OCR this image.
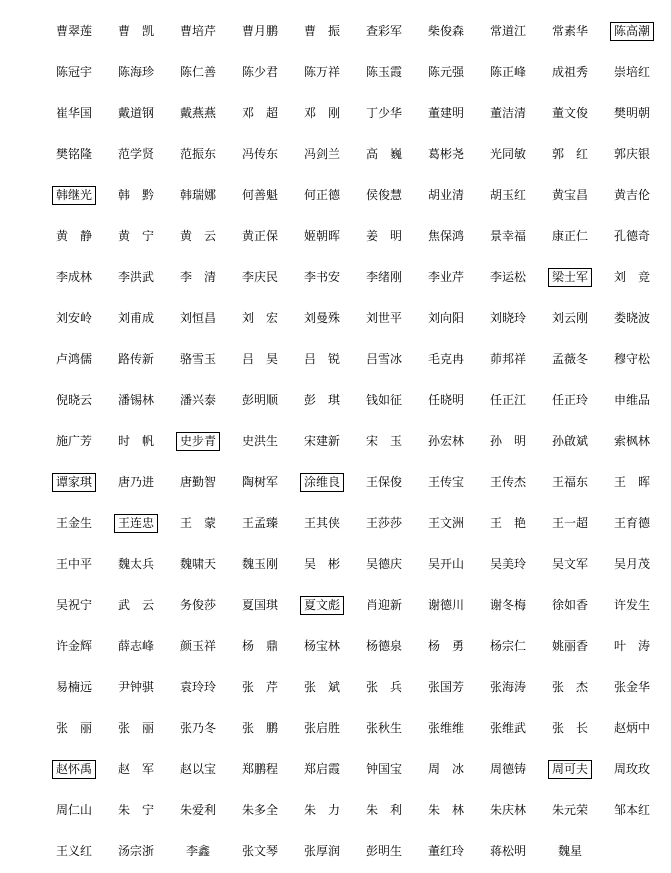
曹翠莲	曹　凯	曹培芹	曹月鹏	曹　振	查彩军	柴俊森	常道江	常素华	陈高潮
陈冠宇	陈海珍	陈仁善	陈少君	陈万祥	陈玉霞	陈元强	陈正峰	成祖秀	崇培红
崔华国	戴道钢	戴燕燕	邓　超	邓　刚	丁少华	董建明	董洁清	董文俊	樊明朝
樊铭隆	范学贤	范振东	冯传东	冯剑兰	高　巍	葛彬尧	光同敏	郭　红	郭庆银
韩继光	韩　黔	韩瑞娜	何善魁	何正德	侯俊慧	胡业清	胡玉红	黄宝昌	黄吉伦
黄　静	黄　宁	黄　云	黄正保	姬朝晖	姜　明	焦保鸿	景幸福	康正仁	孔德奇
李成林	李洪武	李　清	李庆民	李书安	李绪刚	李业芹	李运松	梁士军	刘　竞
刘安岭	刘甫成	刘恒昌	刘　宏	刘曼殊	刘世平	刘向阳	刘晓玲	刘云刚	娄晓波
卢鸿儒	路传新	骆雪玉	吕　昊	吕　锐	吕雪冰	毛克冉	茆邦祥	孟薇冬	穆守松
倪晓云	潘锡林	潘兴泰	彭明顺	彭　琪	钱如征	任晓明	任正江	任正玲	申维品
施广芳	时　帆	史步青	史洪生	宋建新	宋　玉	孙宏林	孙　明	孙啟斌	索枫林
谭家琪	唐乃进	唐勤智	陶树军	涂维良	王保俊	王传宝	王传杰	王福东	王　晖
王金生	王连忠	王　蒙	王孟臻	王其侠	王莎莎	王文洲	王　艳	王一超	王育德
王中平	魏太兵	魏啸天	魏玉刚	吴　彬	吴德庆	吴开山	吴美玲	吴文军	吴月茂
吴祝宁	武　云	务俊莎	夏国琪	夏文彪	肖迎新	谢德川	谢冬梅	徐如香	许发生
许金辉	薛志峰	颜玉祥	杨　鼎	杨宝林	杨德泉	杨　勇	杨宗仁	姚丽香	叶　涛
易楠远	尹钟骐	袁玲玲	张　芹	张　斌	张　兵	张国芳	张海涛	张　杰	张金华
张　丽	张　丽	张乃冬	张　鹏	张启胜	张秋生	张维维	张维武	张　长	赵炳中
赵怀禹	赵　军	赵以宝	郑鹏程	郑启霞	钟国宝	周　冰	周德铸	周可夫	周玫玫
周仁山	朱　宁	朱爱利	朱多全	朱　力	朱　利	朱　林	朱庆林	朱元荣	邹本红
王义红	汤宗浙	李鑫	张文琴	张厚润	彭明生	董红玲	蒋松明	魏星
